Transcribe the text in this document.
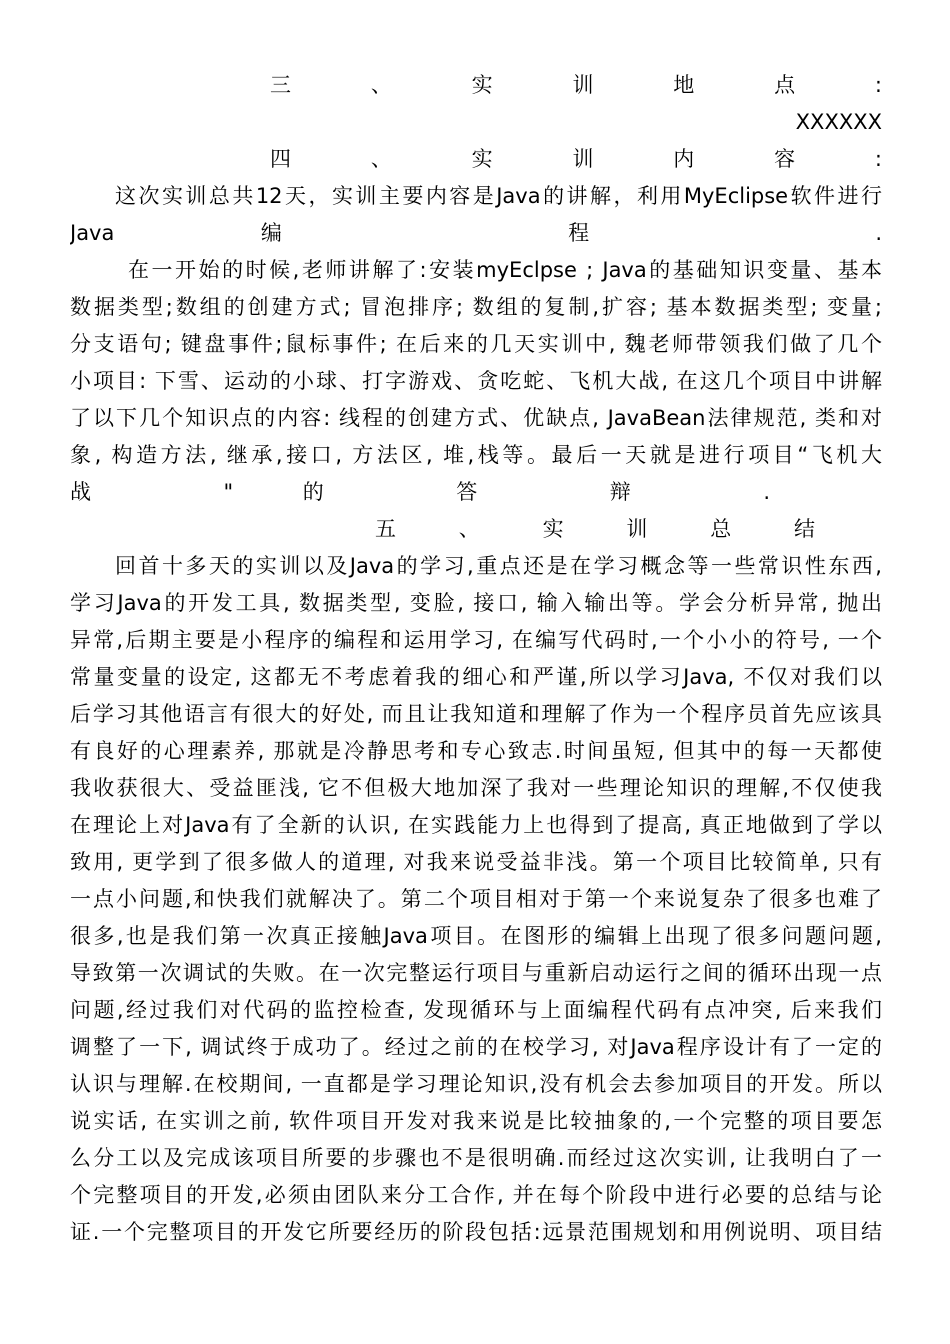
三 、 实 训 地 点 :
XXXXXX
四 、 实 训 内 容 :
这次实训总共12天，实训主要内容是Java的讲解，利用MyEclipse软件进行
Java 编 程 .
在一开始的时候,老师讲解了:安装myEclpse ; Java的基础知识变量、基本
数据类型;数组的创建方式; 冒泡排序; 数组的复制,扩容; 基本数据类型; 变量;
分支语句; 键盘事件;鼠标事件; 在后来的几天实训中, 魏老师带领我们做了几个
小项目: 下雪、运动的小球、打字游戏、贪吃蛇、飞机大战, 在这几个项目中讲解
了以下几个知识点的内容: 线程的创建方式、优缺点, JavaBean法律规范, 类和对
象, 构造方法, 继承,接口, 方法区, 堆,栈等。最后一天就是进行项目“飞机大
战 " 的 答 辩 .
五 、 实 训 总 结
回首十多天的实训以及Java的学习,重点还是在学习概念等一些常识性东西,
学习Java的开发工具, 数据类型, 变脸, 接口, 输入输出等。学会分析异常, 抛出
异常,后期主要是小程序的编程和运用学习, 在编写代码时,一个小小的符号, 一个
常量变量的设定, 这都无不考虑着我的细心和严谨,所以学习Java, 不仅对我们以
后学习其他语言有很大的好处, 而且让我知道和理解了作为一个程序员首先应该具
有良好的心理素养, 那就是冷静思考和专心致志.时间虽短, 但其中的每一天都使
我收获很大、受益匪浅, 它不但极大地加深了我对一些理论知识的理解,不仅使我
在理论上对Java有了全新的认识, 在实践能力上也得到了提高, 真正地做到了学以
致用, 更学到了很多做人的道理, 对我来说受益非浅。第一个项目比较简单, 只有
一点小问题,和快我们就解决了。第二个项目相对于第一个来说复杂了很多也难了
很多,也是我们第一次真正接触Java项目。在图形的编辑上出现了很多问题问题,
导致第一次调试的失败。在一次完整运行项目与重新启动运行之间的循环出现一点
问题,经过我们对代码的监控检查, 发现循环与上面编程代码有点冲突, 后来我们
调整了一下, 调试终于成功了。经过之前的在校学习, 对Java程序设计有了一定的
认识与理解.在校期间, 一直都是学习理论知识,没有机会去参加项目的开发。所以
说实话, 在实训之前, 软件项目开发对我来说是比较抽象的,一个完整的项目要怎
么分工以及完成该项目所要的步骤也不是很明确.而经过这次实训, 让我明白了一
个完整项目的开发,必须由团队来分工合作, 并在每个阶段中进行必要的总结与论
证.一个完整项目的开发它所要经历的阶段包括:远景范围规划和用例说明、项目结
